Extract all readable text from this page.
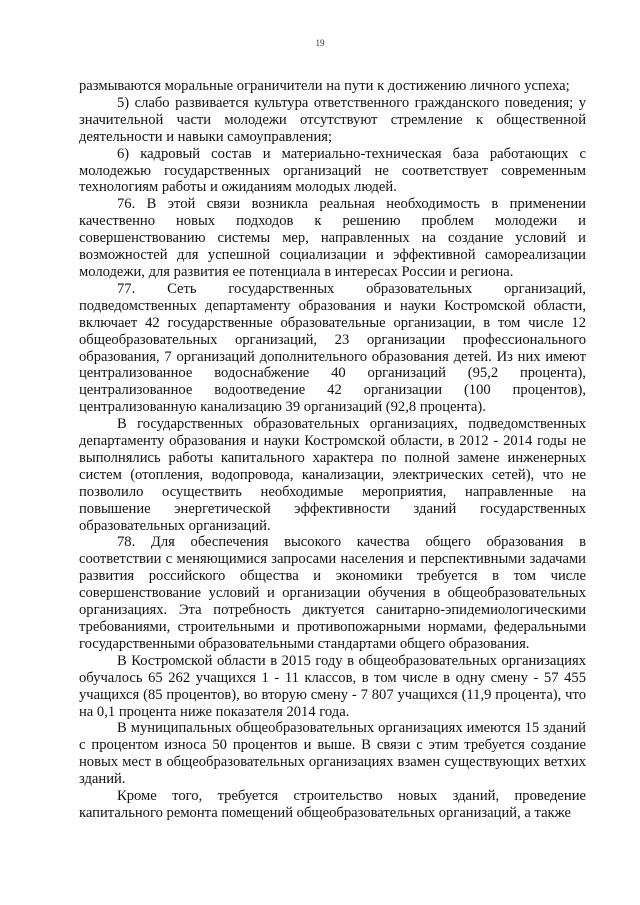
19

размываются моральные ограничители на пути к достижению личного успеха;

5) слабо развивается культура ответственного гражданского поведения; у значительной части молодежи отсутствуют стремление к общественной деятельности и навыки самоуправления;

6) кадровый состав и материально-техническая база работающих с молодежью государственных организаций не соответствует современным технологиям работы и ожиданиям молодых людей.

76. В этой связи возникла реальная необходимость в применении качественно новых подходов к решению проблем молодежи и совершенствованию системы мер, направленных на создание условий и возможностей для успешной социализации и эффективной самореализации молодежи, для развития ее потенциала в интересах России и региона.

77. Сеть государственных образовательных организаций, подведомственных департаменту образования и науки Костромской области, включает 42 государственные образовательные организации, в том числе 12 общеобразовательных организаций, 23 организации профессионального образования, 7 организаций дополнительного образования детей. Из них имеют централизованное водоснабжение 40 организаций (95,2 процента), централизованное водоотведение 42 организации (100 процентов), централизованную канализацию 39 организаций (92,8 процента).

В государственных образовательных организациях, подведомственных департаменту образования и науки Костромской области, в 2012 - 2014 годы не выполнялись работы капитального характера по полной замене инженерных систем (отопления, водопровода, канализации, электрических сетей), что не позволило осуществить необходимые мероприятия, направленные на повышение энергетической эффективности зданий государственных образовательных организаций.

78. Для обеспечения высокого качества общего образования в соответствии с меняющимися запросами населения и перспективными задачами развития российского общества и экономики требуется в том числе совершенствование условий и организации обучения в общеобразовательных организациях. Эта потребность диктуется санитарно-эпидемиологическими требованиями, строительными и противопожарными нормами, федеральными государственными образовательными стандартами общего образования.

В Костромской области в 2015 году в общеобразовательных организациях обучалось 65 262 учащихся 1 - 11 классов, в том числе в одну смену - 57 455 учащихся (85 процентов), во вторую смену - 7 807 учащихся (11,9 процента), что на 0,1 процента ниже показателя 2014 года.

В муниципальных общеобразовательных организациях имеются 15 зданий с процентом износа 50 процентов и выше. В связи с этим требуется создание новых мест в общеобразовательных организациях взамен существующих ветхих зданий.

Кроме того, требуется строительство новых зданий, проведение капитального ремонта помещений общеобразовательных организаций, а также
